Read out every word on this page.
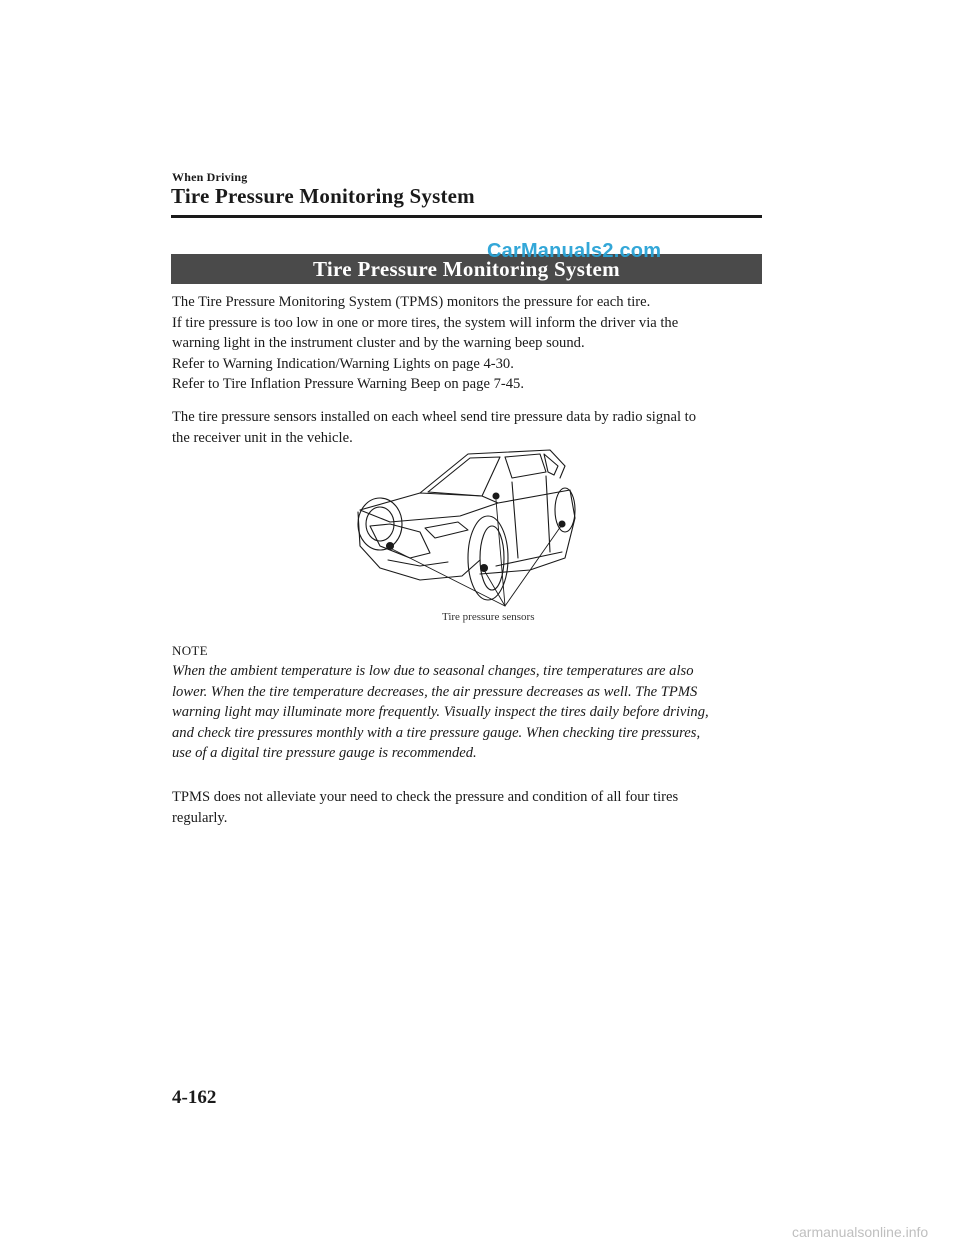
When Driving
Tire Pressure Monitoring System
Tire Pressure Monitoring System
CarManuals2.com

The Tire Pressure Monitoring System (TPMS) monitors the pressure for each tire.

If tire pressure is too low in one or more tires, the system will inform the driver via the

warning light in the instrument cluster and by the warning beep sound.

Refer to Warning Indication/Warning Lights on page 4-30.

Refer to Tire Inflation Pressure Warning Beep on page 7-45.

The tire pressure sensors installed on each wheel send tire pressure data by radio signal to

the receiver unit in the vehicle.

Tire pressure sensors
NOTE
When the ambient temperature is low due to seasonal changes, tire temperatures are also
lower. When the tire temperature decreases, the air pressure decreases as well. The TPMS
warning light may illuminate more frequently. Visually inspect the tires daily before driving,
and check tire pressures monthly with a tire pressure gauge. When checking tire pressures,
use of a digital tire pressure gauge is recommended.

TPMS does not alleviate your need to check the pressure and condition of all four tires

regularly.

4-162
carmanualsonline.info
